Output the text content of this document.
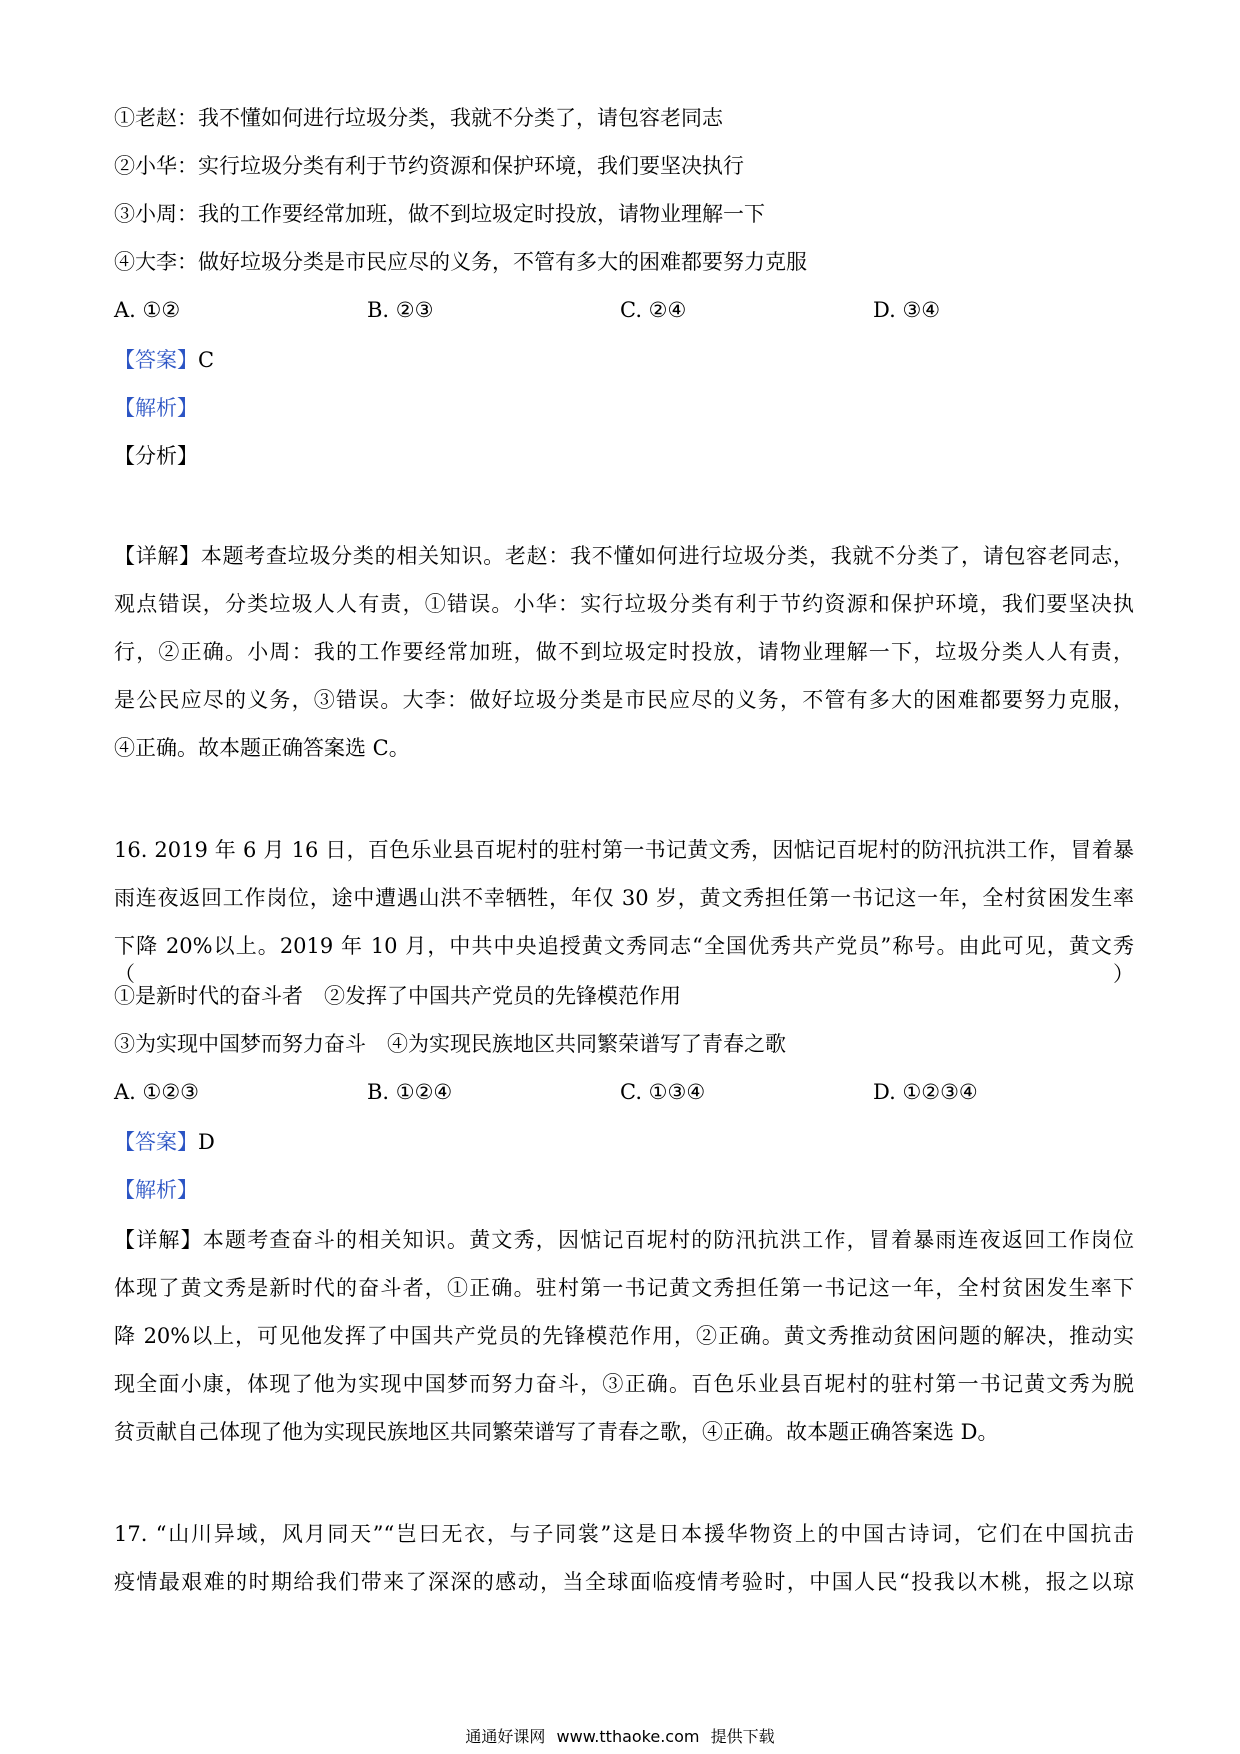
①老赵：我不懂如何进行垃圾分类，我就不分类了，请包容老同志
②小华：实行垃圾分类有利于节约资源和保护环境，我们要坚决执行
③小周：我的工作要经常加班，做不到垃圾定时投放，请物业理解一下
④大李：做好垃圾分类是市民应尽的义务，不管有多大的困难都要努力克服
A. ①②	B. ②③	C. ②④	D. ③④
【答案】C
【解析】
【分析】
【详解】本题考查垃圾分类的相关知识。老赵：我不懂如何进行垃圾分类，我就不分类了，请包容老同志，
观点错误，分类垃圾人人有责，①错误。小华：实行垃圾分类有利于节约资源和保护环境，我们要坚决执
行，②正确。小周：我的工作要经常加班，做不到垃圾定时投放，请物业理解一下，垃圾分类人人有责，
是公民应尽的义务，③错误。大李：做好垃圾分类是市民应尽的义务，不管有多大的困难都要努力克服，
④正确。故本题正确答案选 C。
16. 2019 年 6 月 16 日，百色乐业县百坭村的驻村第一书记黄文秀，因惦记百坭村的防汛抗洪工作，冒着暴
雨连夜返回工作岗位，途中遭遇山洪不幸牺牲，年仅 30 岁，黄文秀担任第一书记这一年，全村贫困发生率
下降 20%以上。2019 年 10 月，中共中央追授黄文秀同志“全国优秀共产党员”称号。由此可见，黄文秀（　　）
①是新时代的奋斗者　②发挥了中国共产党员的先锋模范作用
③为实现中国梦而努力奋斗　④为实现民族地区共同繁荣谱写了青春之歌
A. ①②③	B. ①②④	C. ①③④	D. ①②③④
【答案】D
【解析】
【详解】本题考查奋斗的相关知识。黄文秀，因惦记百坭村的防汛抗洪工作，冒着暴雨连夜返回工作岗位
体现了黄文秀是新时代的奋斗者，①正确。驻村第一书记黄文秀担任第一书记这一年，全村贫困发生率下
降 20%以上，可见他发挥了中国共产党员的先锋模范作用，②正确。黄文秀推动贫困问题的解决，推动实
现全面小康，体现了他为实现中国梦而努力奋斗，③正确。百色乐业县百坭村的驻村第一书记黄文秀为脱
贫贡献自己体现了他为实现民族地区共同繁荣谱写了青春之歌，④正确。故本题正确答案选 D。
17. “山川异域，风月同天”“岂曰无衣，与子同裳”这是日本援华物资上的中国古诗词，它们在中国抗击
疫情最艰难的时期给我们带来了深深的感动，当全球面临疫情考验时，中国人民“投我以木桃，报之以琼
通通好课网 www.tthaoke.com 提供下载
